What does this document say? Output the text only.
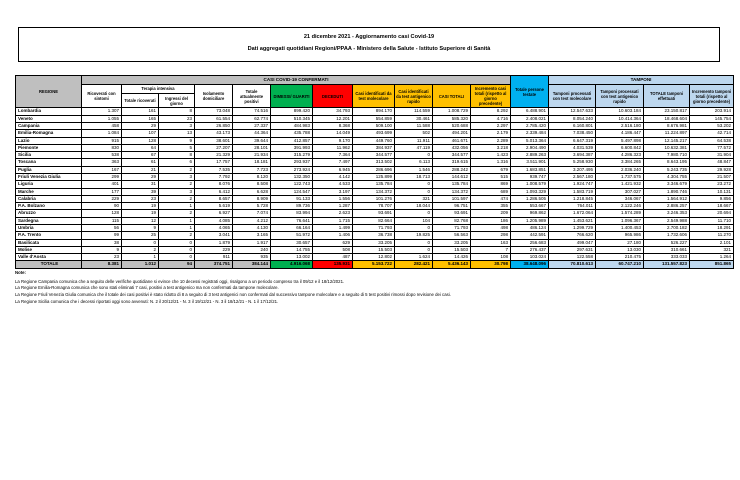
21 dicembre 2021 - Aggiornamento casi Covid-19
Dati aggregati quotidiani Regioni/PPAA - Ministero della Salute - Istituto Superiore di Sanità
REGIONE	CASI COVID-19 CONFERMATI											Totale persone testate	TAMPONI			
	Ricoverati con sintomi	Terapia intensiva		Isolamento domiciliare	Totale attualmente positivi	DIMESSI/ GUARITI	DECEDUTI	Casi identificati da test molecolare	Casi identificati da test antigenico rapido	CASI TOTALI	Incremento casi totali (rispetto al giorno precedente)		Tamponi processati con test molecolare	Tamponi processati con test antigenico rapido	TOTALE tamponi effettuati	Incremento tamponi totali (rispetto al giorno precedente)
		Totale ricoverati	Ingressi del giorno													
Lombardia	1.307	161	8	73.048	74.516	899.420	34.793	894.170	114.559	1.008.729	8.292	6.488.901	12.547.633	10.603.184	23.150.817	203.914
Veneto	1.055	165	23	61.554	62.774	510.345	12.201	554.859	30.461	585.320	4.716	2.408.021	8.054.240	10.414.364	18.468.604	145.754
Campania	458	29	3	26.850	27.337	484.983	8.368	509.100	11.588	520.688	2.297	2.785.420	6.160.801	2.516.180	8.676.981	53.202
Emilia-Romagna	1.084	107	13	43.173	44.364	435.788	14.049	493.699	502	494.201	2.179	2.339.484	7.038.450	4.186.447	11.224.897	42.714
Lazio	915	128	9	38.601	39.644	412.857	9.170	449.760	11.911	461.671	2.289	5.013.364	6.647.319	5.497.898	12.145.217	64.538
Piemonte	830	64	5	27.207	28.101	391.993	11.962	384.937	47.119	432.056	3.218	2.904.490	4.031.539	6.600.842	10.632.381	77.572
Sicilia	538	67	8	21.329	21.934	315.279	7.364	344.577	0	344.577	1.423	2.889.263	3.694.387	4.286.323	7.980.710	31.904
Toscana	363	61	6	17.757	18.181	293.937	7.497	313.502	6.113	319.615	1.316	3.511.901	5.258.930	3.384.265	8.643.195	48.847
Puglia	167	21	2	7.535	7.723	273.924	6.945	286.696	1.546	288.242	679	1.683.851	3.207.495	2.036.240	5.243.735	29.928
Friuli Venezia Giulia	299	29	3	7.792	8.120	132.350	4.142	125.899	18.713	144.612	515	939.747	2.567.180	1.737.575	4.304.755	21.507
Liguria	401	31	2	8.076	8.508	122.743	4.533	135.784	0	135.784	869	1.008.579	1.924.747	1.421.932	3.346.679	23.272
Marche	177	39	3	6.412	6.628	124.547	3.197	134.372	0	134.372	689	1.093.329	1.583.719	307.027	1.890.746	10.131
Calabria	229	23	2	8.657	8.909	91.133	1.556	101.276	321	101.597	474	1.286.505	1.218.845	346.067	1.564.912	9.856
P.A. Bolzano	90	19	1	5.619	5.728	89.736	1.287	78.707	18.044	96.751	355	553.667	764.011	2.122.246	2.886.257	18.667
Abruzzo	128	19	2	6.927	7.074	83.994	2.623	93.691	0	93.691	209	969.862	1.672.064	1.574.289	3.246.353	20.694
Sardegna	115	12	1	4.085	4.212	76.641	1.715	82.664	104	82.768	186	1.205.989	1.453.621	1.096.367	2.549.988	11.710
Umbria	56	9	1	4.065	4.130	66.164	1.499	71.793	0	71.793	498	486.124	1.299.729	1.400.453	2.700.182	18.291
P.A. Trento	99	25	2	3.041	3.165	51.972	1.406	36.738	19.825	56.563	298	442.591	766.620	965.986	1.732.606	11.270
Basilicata	38	0	0	1.879	1.917	30.657	629	33.205	0	33.205	163	256.683	499.047	27.180	526.227	2.101
Molise	9	2	0	229	240	14.755	508	15.503	0	15.503	7	276.437	297.631	13.030	310.661	321
Valle d'Aosta	23	1	0	911	935	13.002	487	12.802	1.624	14.426	108	103.024	122.558	210.475	333.033	1.264
TOTALE	8.381	1.012	94	374.751	384.144	4.916.068	135.931	5.153.722	282.421	5.436.143	30.798	38.648.096	70.810.613	60.747.210	131.557.823	851.865
Note:
La Regione Campania comunica che a seguito delle verifiche quotidiane si evince che 10 decessi registrati oggi, risalgono a un periodo compreso tra il 09/12 e il 18/12/2021.
La Regione Emilia-Romagna comunica che sono stati eliminati 7 casi, positivi a test antigenico ma non confermati da tampone molecolare.
La Regione Friuli Venezia Giulia comunica che il totale dei casi positivi è stato ridotto di 8 a seguito di 3 test antigenici non confermati dal successivo tampone molecolare e a seguito di 5 test positivi rimossi dopo revisione dei casi.
La Regione Sicilia comunica che i decessi riportati oggi sono avvenuti: N. 2 il 20/12/21 - N. 3 il 19/12/21 - N. 3 il 18/12/21 - N. 1 il 17/12/21.
